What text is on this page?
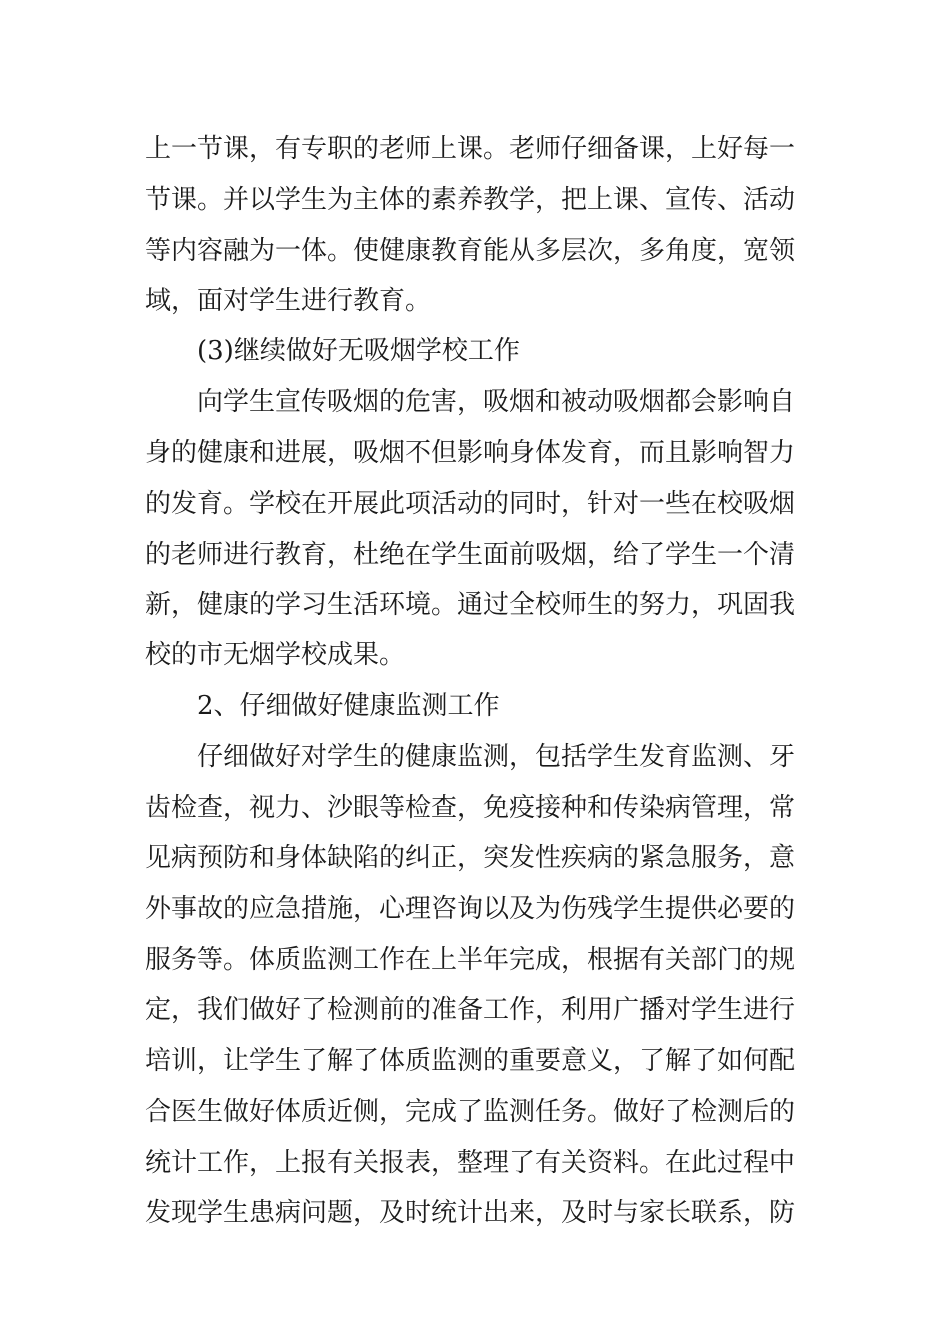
上一节课，有专职的老师上课。老师仔细备课，上好每一
节课。并以学生为主体的素养教学，把上课、宣传、活动
等内容融为一体。使健康教育能从多层次，多角度，宽领
域，面对学生进行教育。
(3)继续做好无吸烟学校工作
向学生宣传吸烟的危害，吸烟和被动吸烟都会影响自
身的健康和进展，吸烟不但影响身体发育，而且影响智力
的发育。学校在开展此项活动的同时，针对一些在校吸烟
的老师进行教育，杜绝在学生面前吸烟，给了学生一个清
新，健康的学习生活环境。通过全校师生的努力，巩固我
校的市无烟学校成果。
2、仔细做好健康监测工作
仔细做好对学生的健康监测，包括学生发育监测、牙
齿检查，视力、沙眼等检查，免疫接种和传染病管理，常
见病预防和身体缺陷的纠正，突发性疾病的紧急服务，意
外事故的应急措施，心理咨询以及为伤残学生提供必要的
服务等。体质监测工作在上半年完成，根据有关部门的规
定，我们做好了检测前的准备工作，利用广播对学生进行
培训，让学生了解了体质监测的重要意义，了解了如何配
合医生做好体质近侧，完成了监测任务。做好了检测后的
统计工作，上报有关报表，整理了有关资料。在此过程中
发现学生患病问题，及时统计出来，及时与家长联系，防
